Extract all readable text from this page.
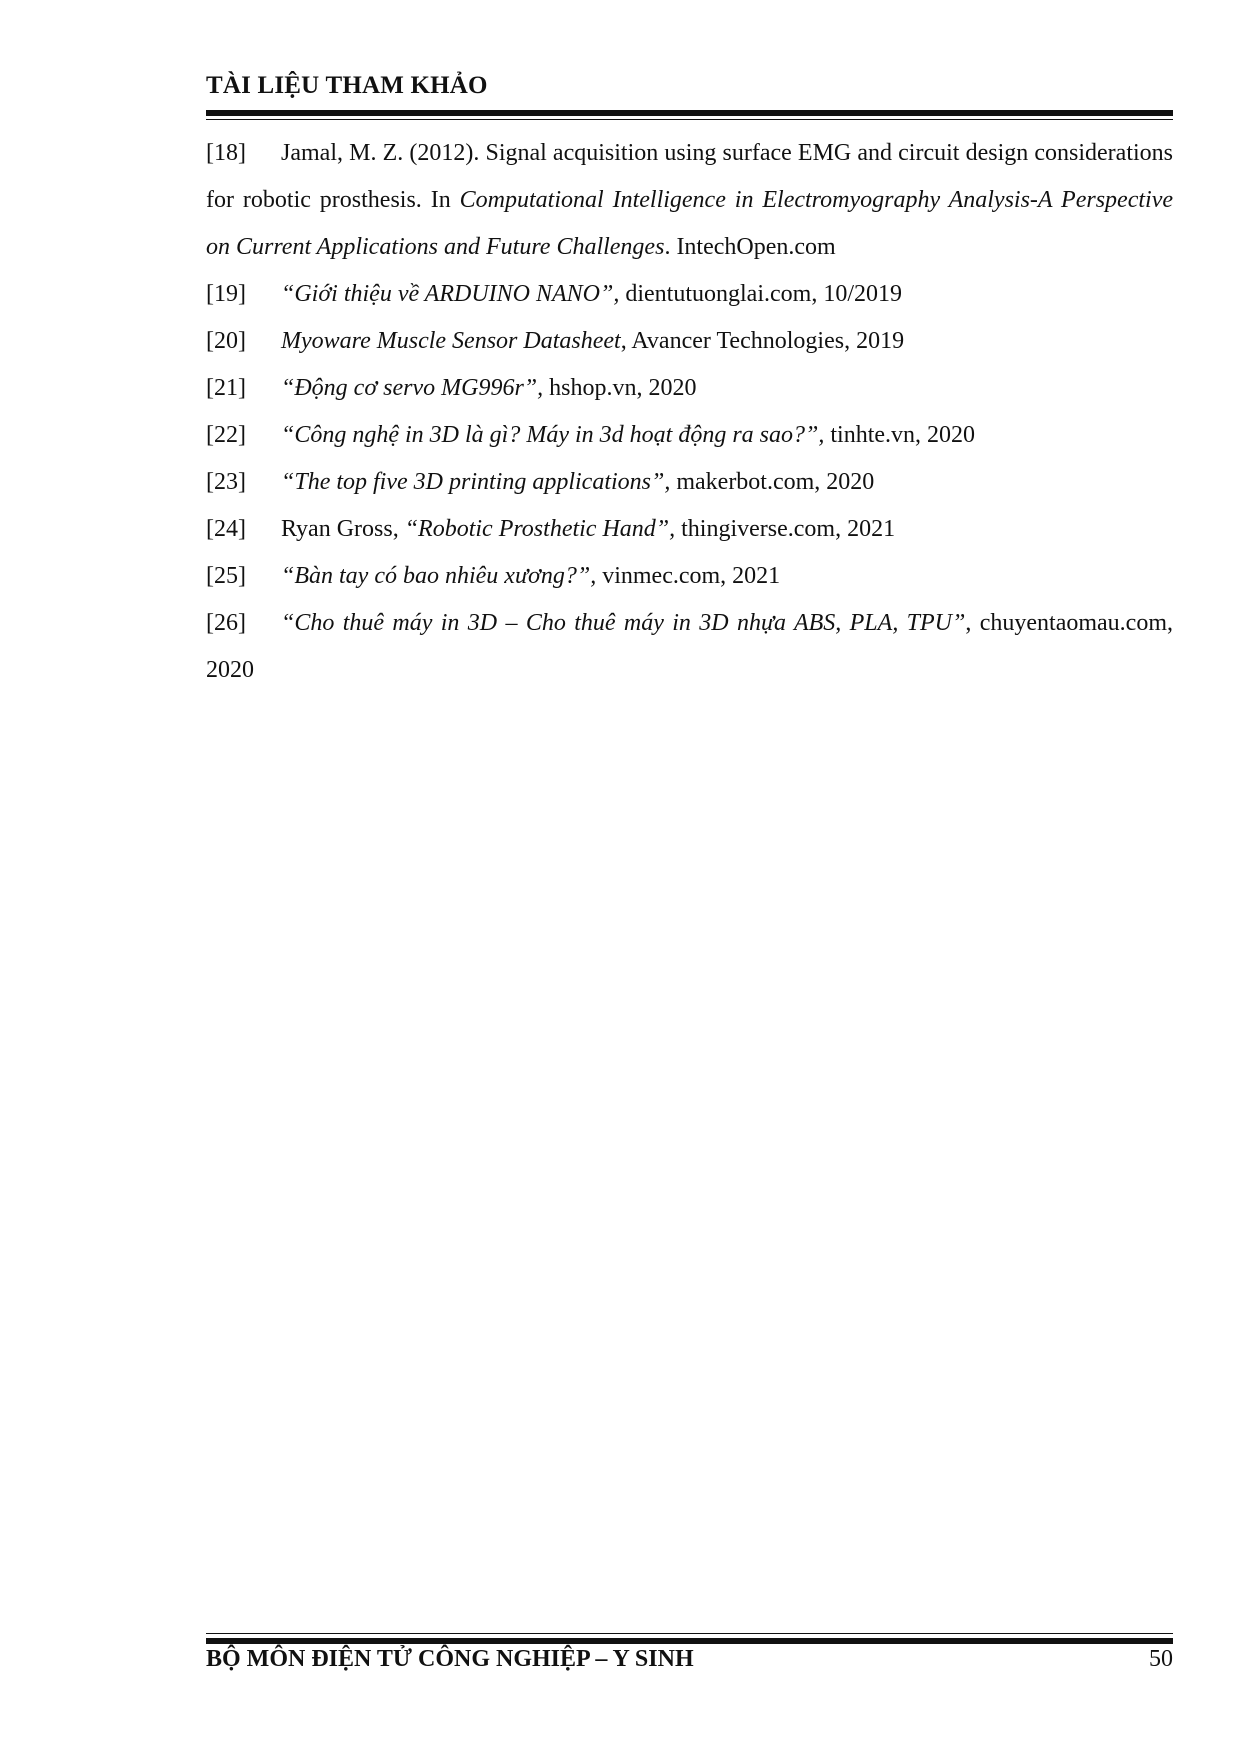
TÀI LIỆU THAM KHẢO
[18] Jamal, M. Z. (2012). Signal acquisition using surface EMG and circuit design considerations for robotic prosthesis. In Computational Intelligence in Electromyography Analysis-A Perspective on Current Applications and Future Challenges. IntechOpen.com
[19] “Giới thiệu về ARDUINO NANO”, dientutuonglai.com, 10/2019
[20] Myoware Muscle Sensor Datasheet, Avancer Technologies, 2019
[21] “Động cơ servo MG996r”, hshop.vn, 2020
[22] “Công nghệ in 3D là gì? Máy in 3d hoạt động ra sao?”, tinhte.vn, 2020
[23] “The top five 3D printing applications”, makerbot.com, 2020
[24] Ryan Gross, “Robotic Prosthetic Hand”, thingiverse.com, 2021
[25] “Bàn tay có bao nhiêu xương?”, vinmec.com, 2021
[26] “Cho thuê máy in 3D – Cho thuê máy in 3D nhựa ABS, PLA, TPU”, chuyentaomau.com, 2020
BỘ MÔN ĐIỆN TỬ CÔNG NGHIỆP – Y SINH	50
